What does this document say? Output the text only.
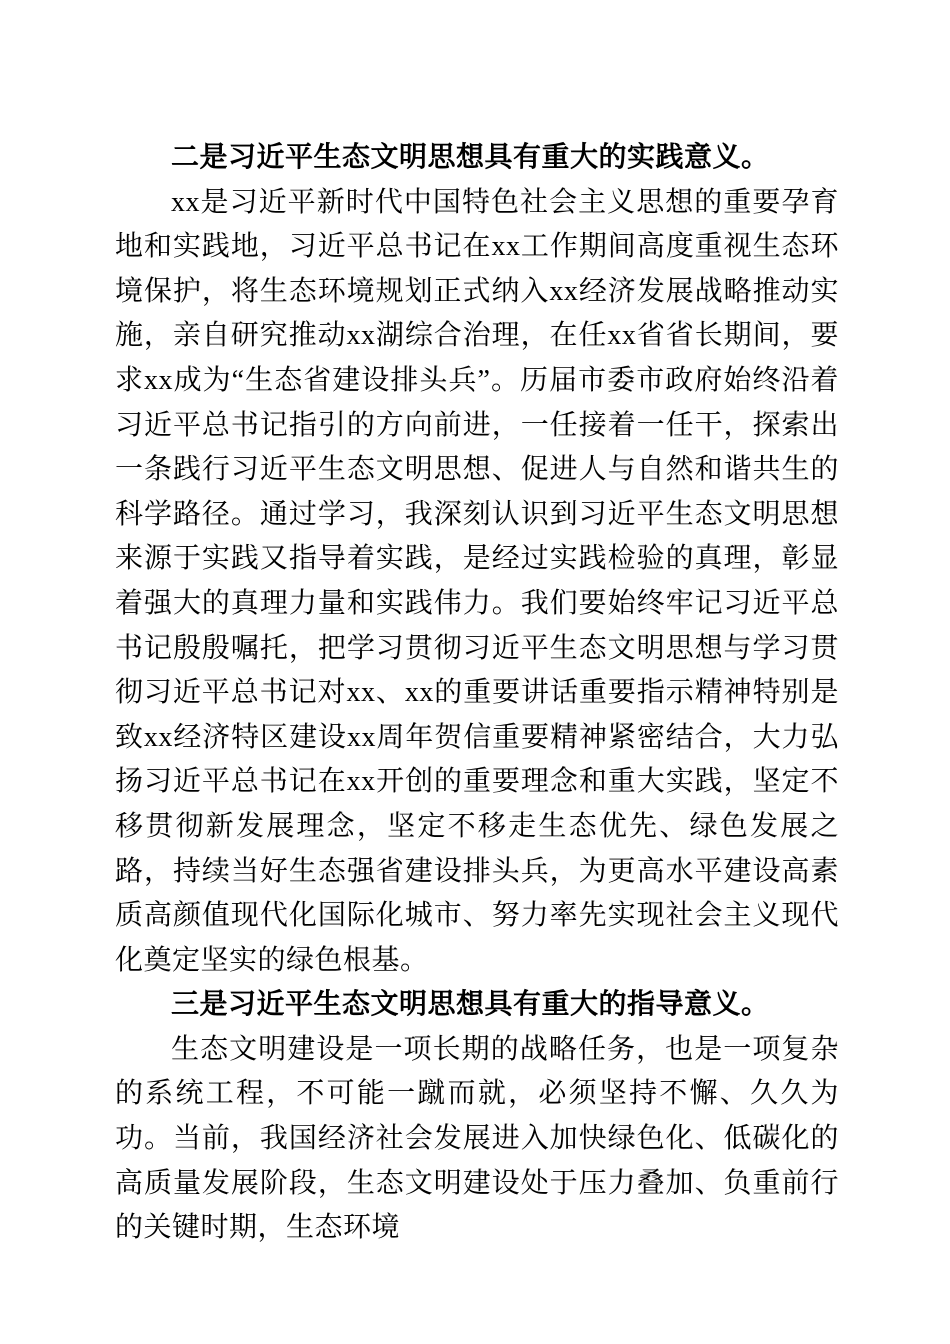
二是习近平生态文明思想具有重大的实践意义。

xx是习近平新时代中国特色社会主义思想的重要孕育地和实践地，习近平总书记在xx工作期间高度重视生态环境保护，将生态环境规划正式纳入xx经济发展战略推动实施，亲自研究推动xx湖综合治理，在任xx省省长期间，要求xx成为“生态省建设排头兵”。历届市委市政府始终沿着习近平总书记指引的方向前进，一任接着一任干，探索出一条践行习近平生态文明思想、促进人与自然和谐共生的科学路径。通过学习，我深刻认识到习近平生态文明思想来源于实践又指导着实践，是经过实践检验的真理，彰显着强大的真理力量和实践伟力。我们要始终牢记习近平总书记殷殷嘱托，把学习贯彻习近平生态文明思想与学习贯彻习近平总书记对xx、xx的重要讲话重要指示精神特别是致xx经济特区建设xx周年贺信重要精神紧密结合，大力弘扬习近平总书记在xx开创的重要理念和重大实践，坚定不移贯彻新发展理念，坚定不移走生态优先、绿色发展之路，持续当好生态强省建设排头兵，为更高水平建设高素质高颜值现代化国际化城市、努力率先实现社会主义现代化奠定坚实的绿色根基。

三是习近平生态文明思想具有重大的指导意义。

生态文明建设是一项长期的战略任务，也是一项复杂的系统工程，不可能一蹴而就，必须坚持不懈、久久为功。当前，我国经济社会发展进入加快绿色化、低碳化的高质量发展阶段，生态文明建设处于压力叠加、负重前行的关键时期，生态环境
